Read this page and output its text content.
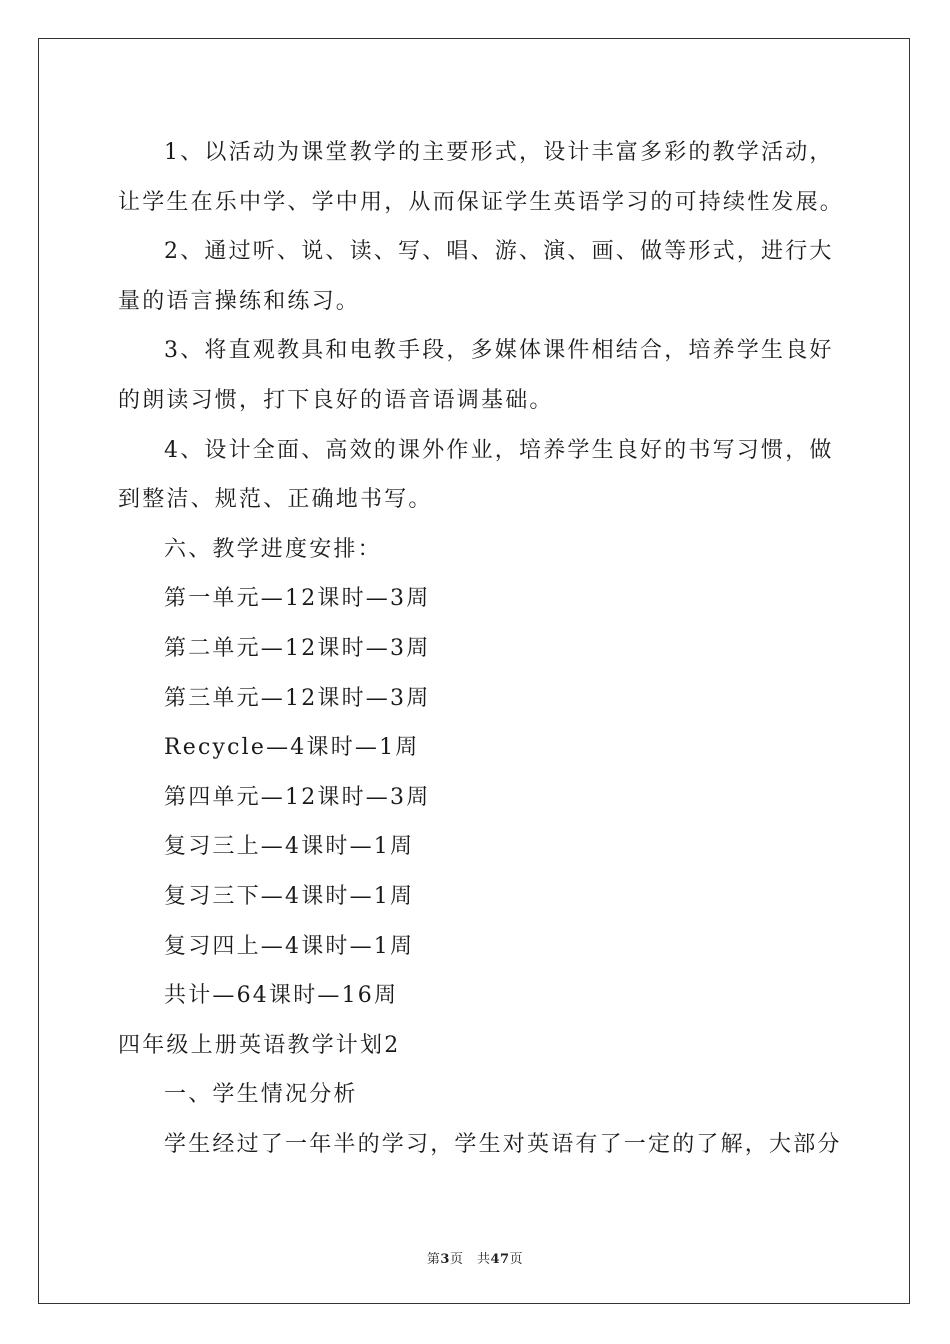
1、以活动为课堂教学的主要形式，设计丰富多彩的教学活动，
让学生在乐中学、学中用，从而保证学生英语学习的可持续性发展。
2、通过听、说、读、写、唱、游、演、画、做等形式，进行大
量的语言操练和练习。
3、将直观教具和电教手段，多媒体课件相结合，培养学生良好
的朗读习惯，打下良好的语音语调基础。
4、设计全面、高效的课外作业，培养学生良好的书写习惯，做
到整洁、规范、正确地书写。
六、教学进度安排：
第一单元—12课时—3周
第二单元—12课时—3周
第三单元—12课时—3周
Recycle—4课时—1周
第四单元—12课时—3周
复习三上—4课时—1周
复习三下—4课时—1周
复习四上—4课时—1周
共计—64课时—16周
四年级上册英语教学计划2
一、学生情况分析
学生经过了一年半的学习，学生对英语有了一定的了解，大部分
第3页　共47页
